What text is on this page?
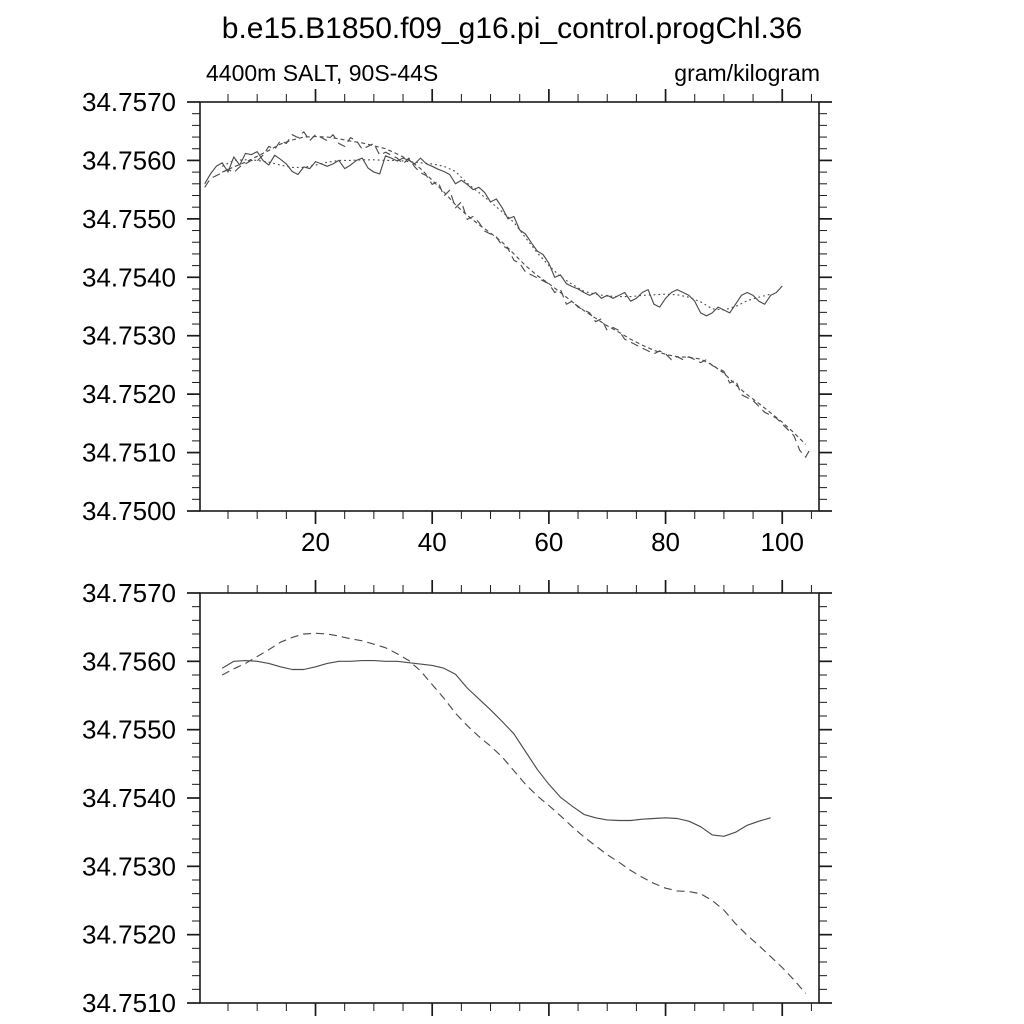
b.e15.B1850.f09_g16.pi_control.progChl.36
4400m SALT, 90S-44S	gram/kilogram
34.7500
34.7510
34.7520
34.7530
34.7540
34.7550
34.7560
34.7570
20	40	60	80	100
34.7510
34.7520
34.7530
34.7540
34.7550
34.7560
34.7570
